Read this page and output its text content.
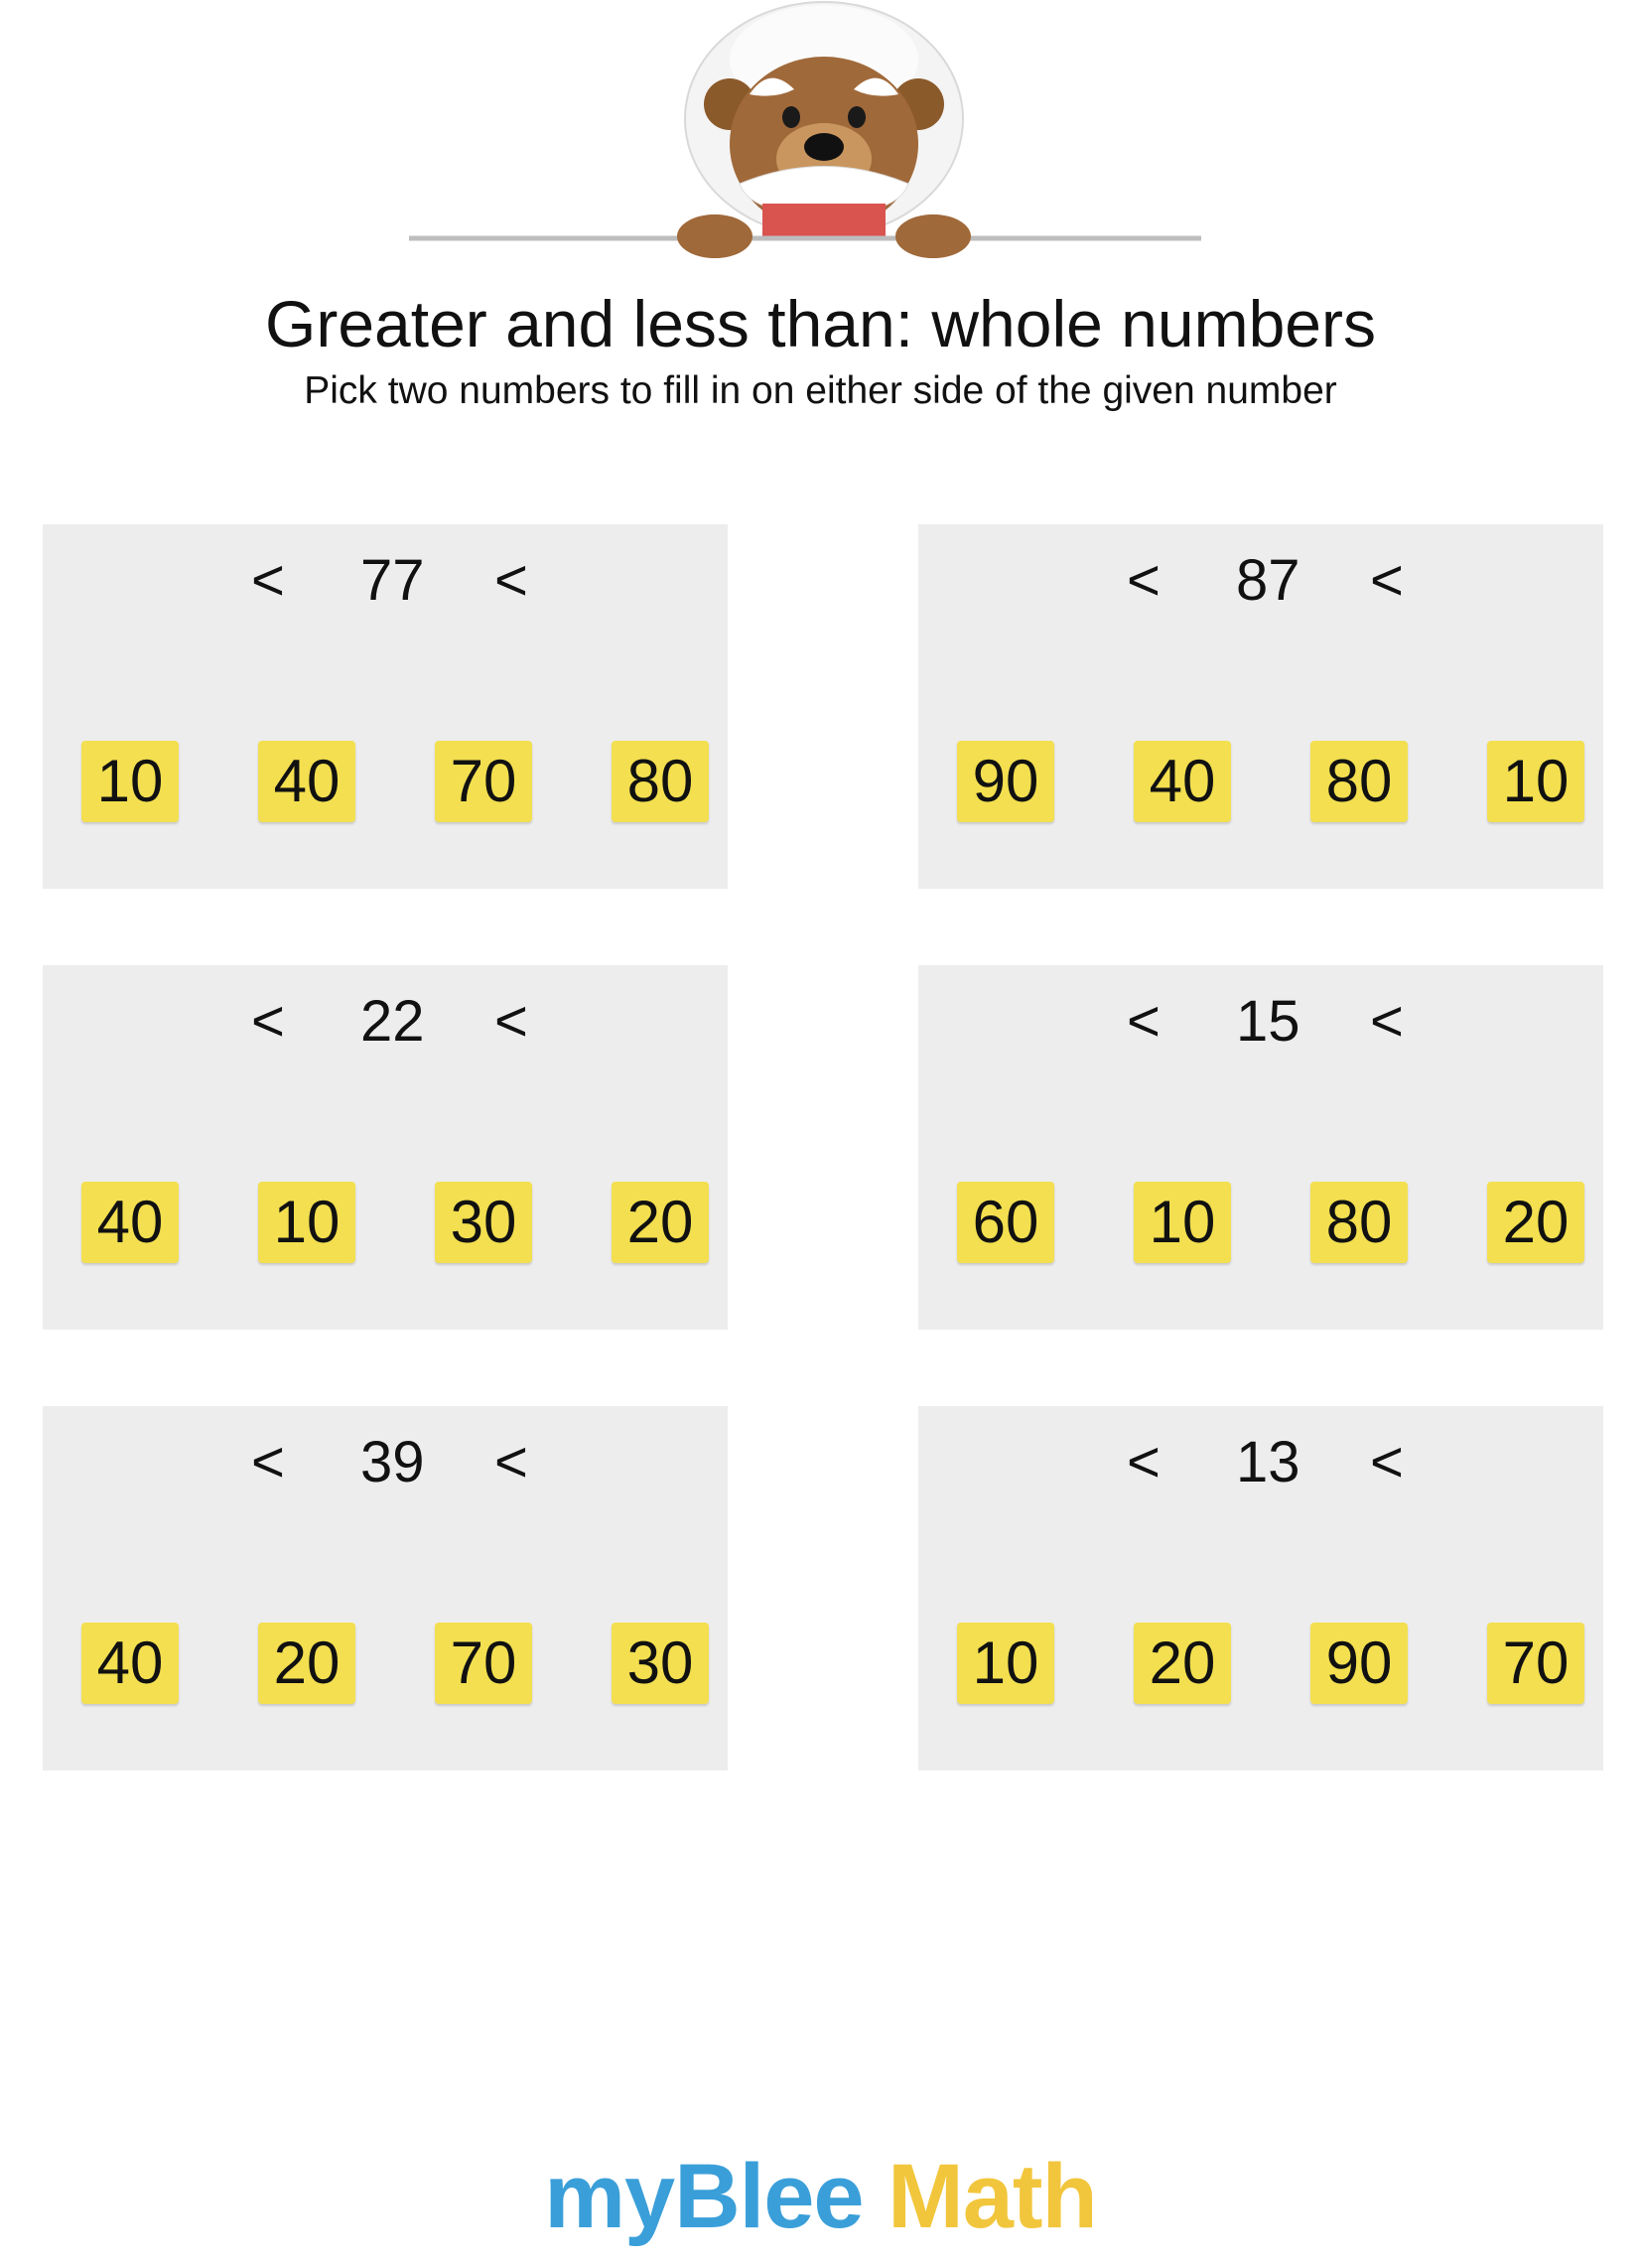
Greater and less than: whole numbers
Pick two numbers to fill in on either side of the given number
< 77 <
10 40 70 80
< 87 <
90 40 80 10
< 22 <
40 10 30 20
< 15 <
60 10 80 20
< 39 <
40 20 70 30
< 13 <
10 20 90 70
myBlee Math
